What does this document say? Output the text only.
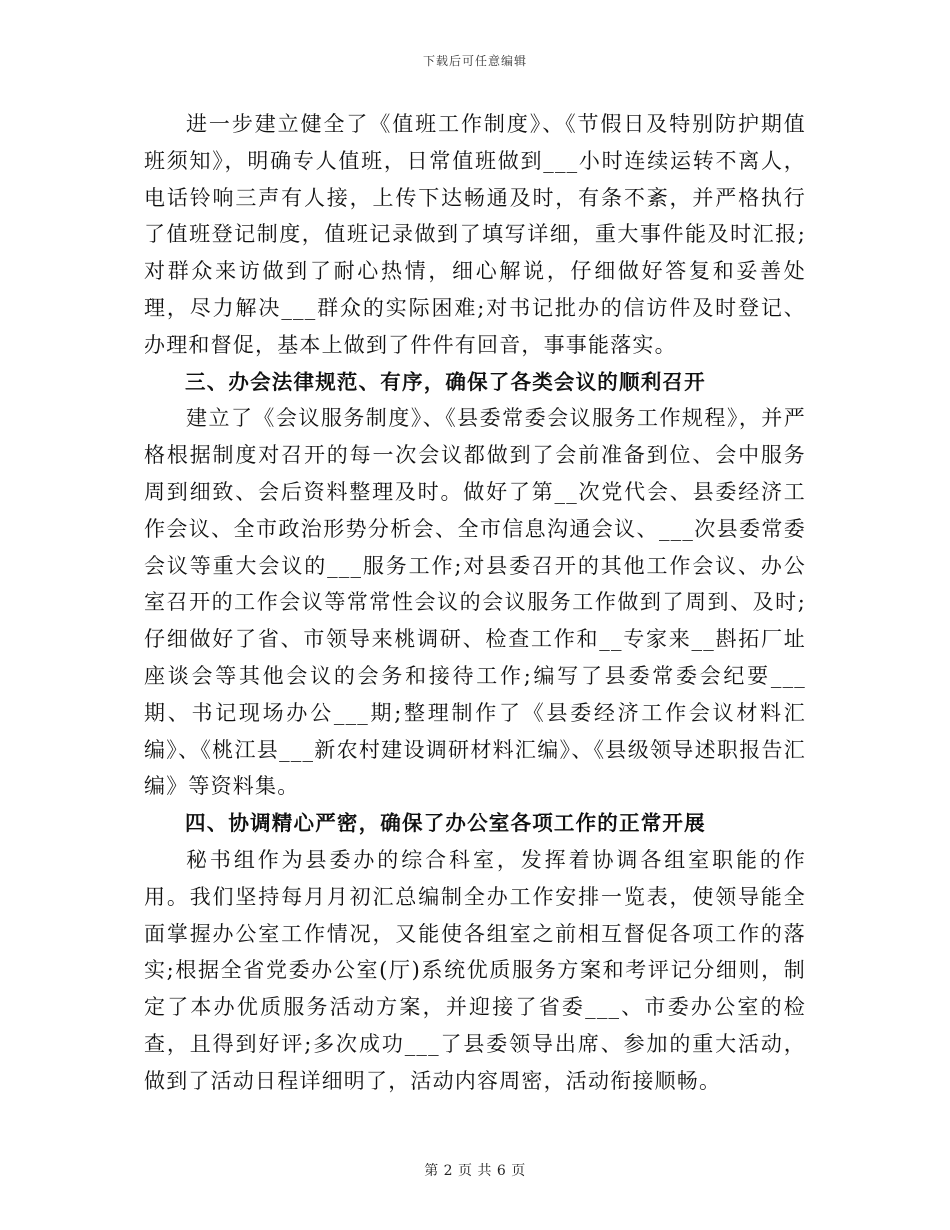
下载后可任意编辑

进一步建立健全了《值班工作制度》、《节假日及特别防护期值班须知》，明确专人值班，日常值班做到___小时连续运转不离人，电话铃响三声有人接，上传下达畅通及时，有条不紊，并严格执行了值班登记制度，值班记录做到了填写详细，重大事件能及时汇报;对群众来访做到了耐心热情，细心解说，仔细做好答复和妥善处理，尽力解决___群众的实际困难;对书记批办的信访件及时登记、办理和督促，基本上做到了件件有回音，事事能落实。

三、办会法律规范、有序，确保了各类会议的顺利召开

建立了《会议服务制度》、《县委常委会议服务工作规程》，并严格根据制度对召开的每一次会议都做到了会前准备到位、会中服务周到细致、会后资料整理及时。做好了第__次党代会、县委经济工作会议、全市政治形势分析会、全市信息沟通会议、___次县委常委会议等重大会议的___服务工作;对县委召开的其他工作会议、办公室召开的工作会议等常常性会议的会议服务工作做到了周到、及时;仔细做好了省、市领导来桃调研、检查工作和__专家来__斟拓厂址座谈会等其他会议的会务和接待工作;编写了县委常委会纪要___期、书记现场办公___期;整理制作了《县委经济工作会议材料汇编》、《桃江县___新农村建设调研材料汇编》、《县级领导述职报告汇编》等资料集。

四、协调精心严密，确保了办公室各项工作的正常开展

秘书组作为县委办的综合科室，发挥着协调各组室职能的作用。我们坚持每月月初汇总编制全办工作安排一览表，使领导能全面掌握办公室工作情况，又能使各组室之前相互督促各项工作的落实;根据全省党委办公室(厅)系统优质服务方案和考评记分细则，制定了本办优质服务活动方案，并迎接了省委___、市委办公室的检查，且得到好评;多次成功___了县委领导出席、参加的重大活动，做到了活动日程详细明了，活动内容周密，活动衔接顺畅。

第 2 页 共 6 页
